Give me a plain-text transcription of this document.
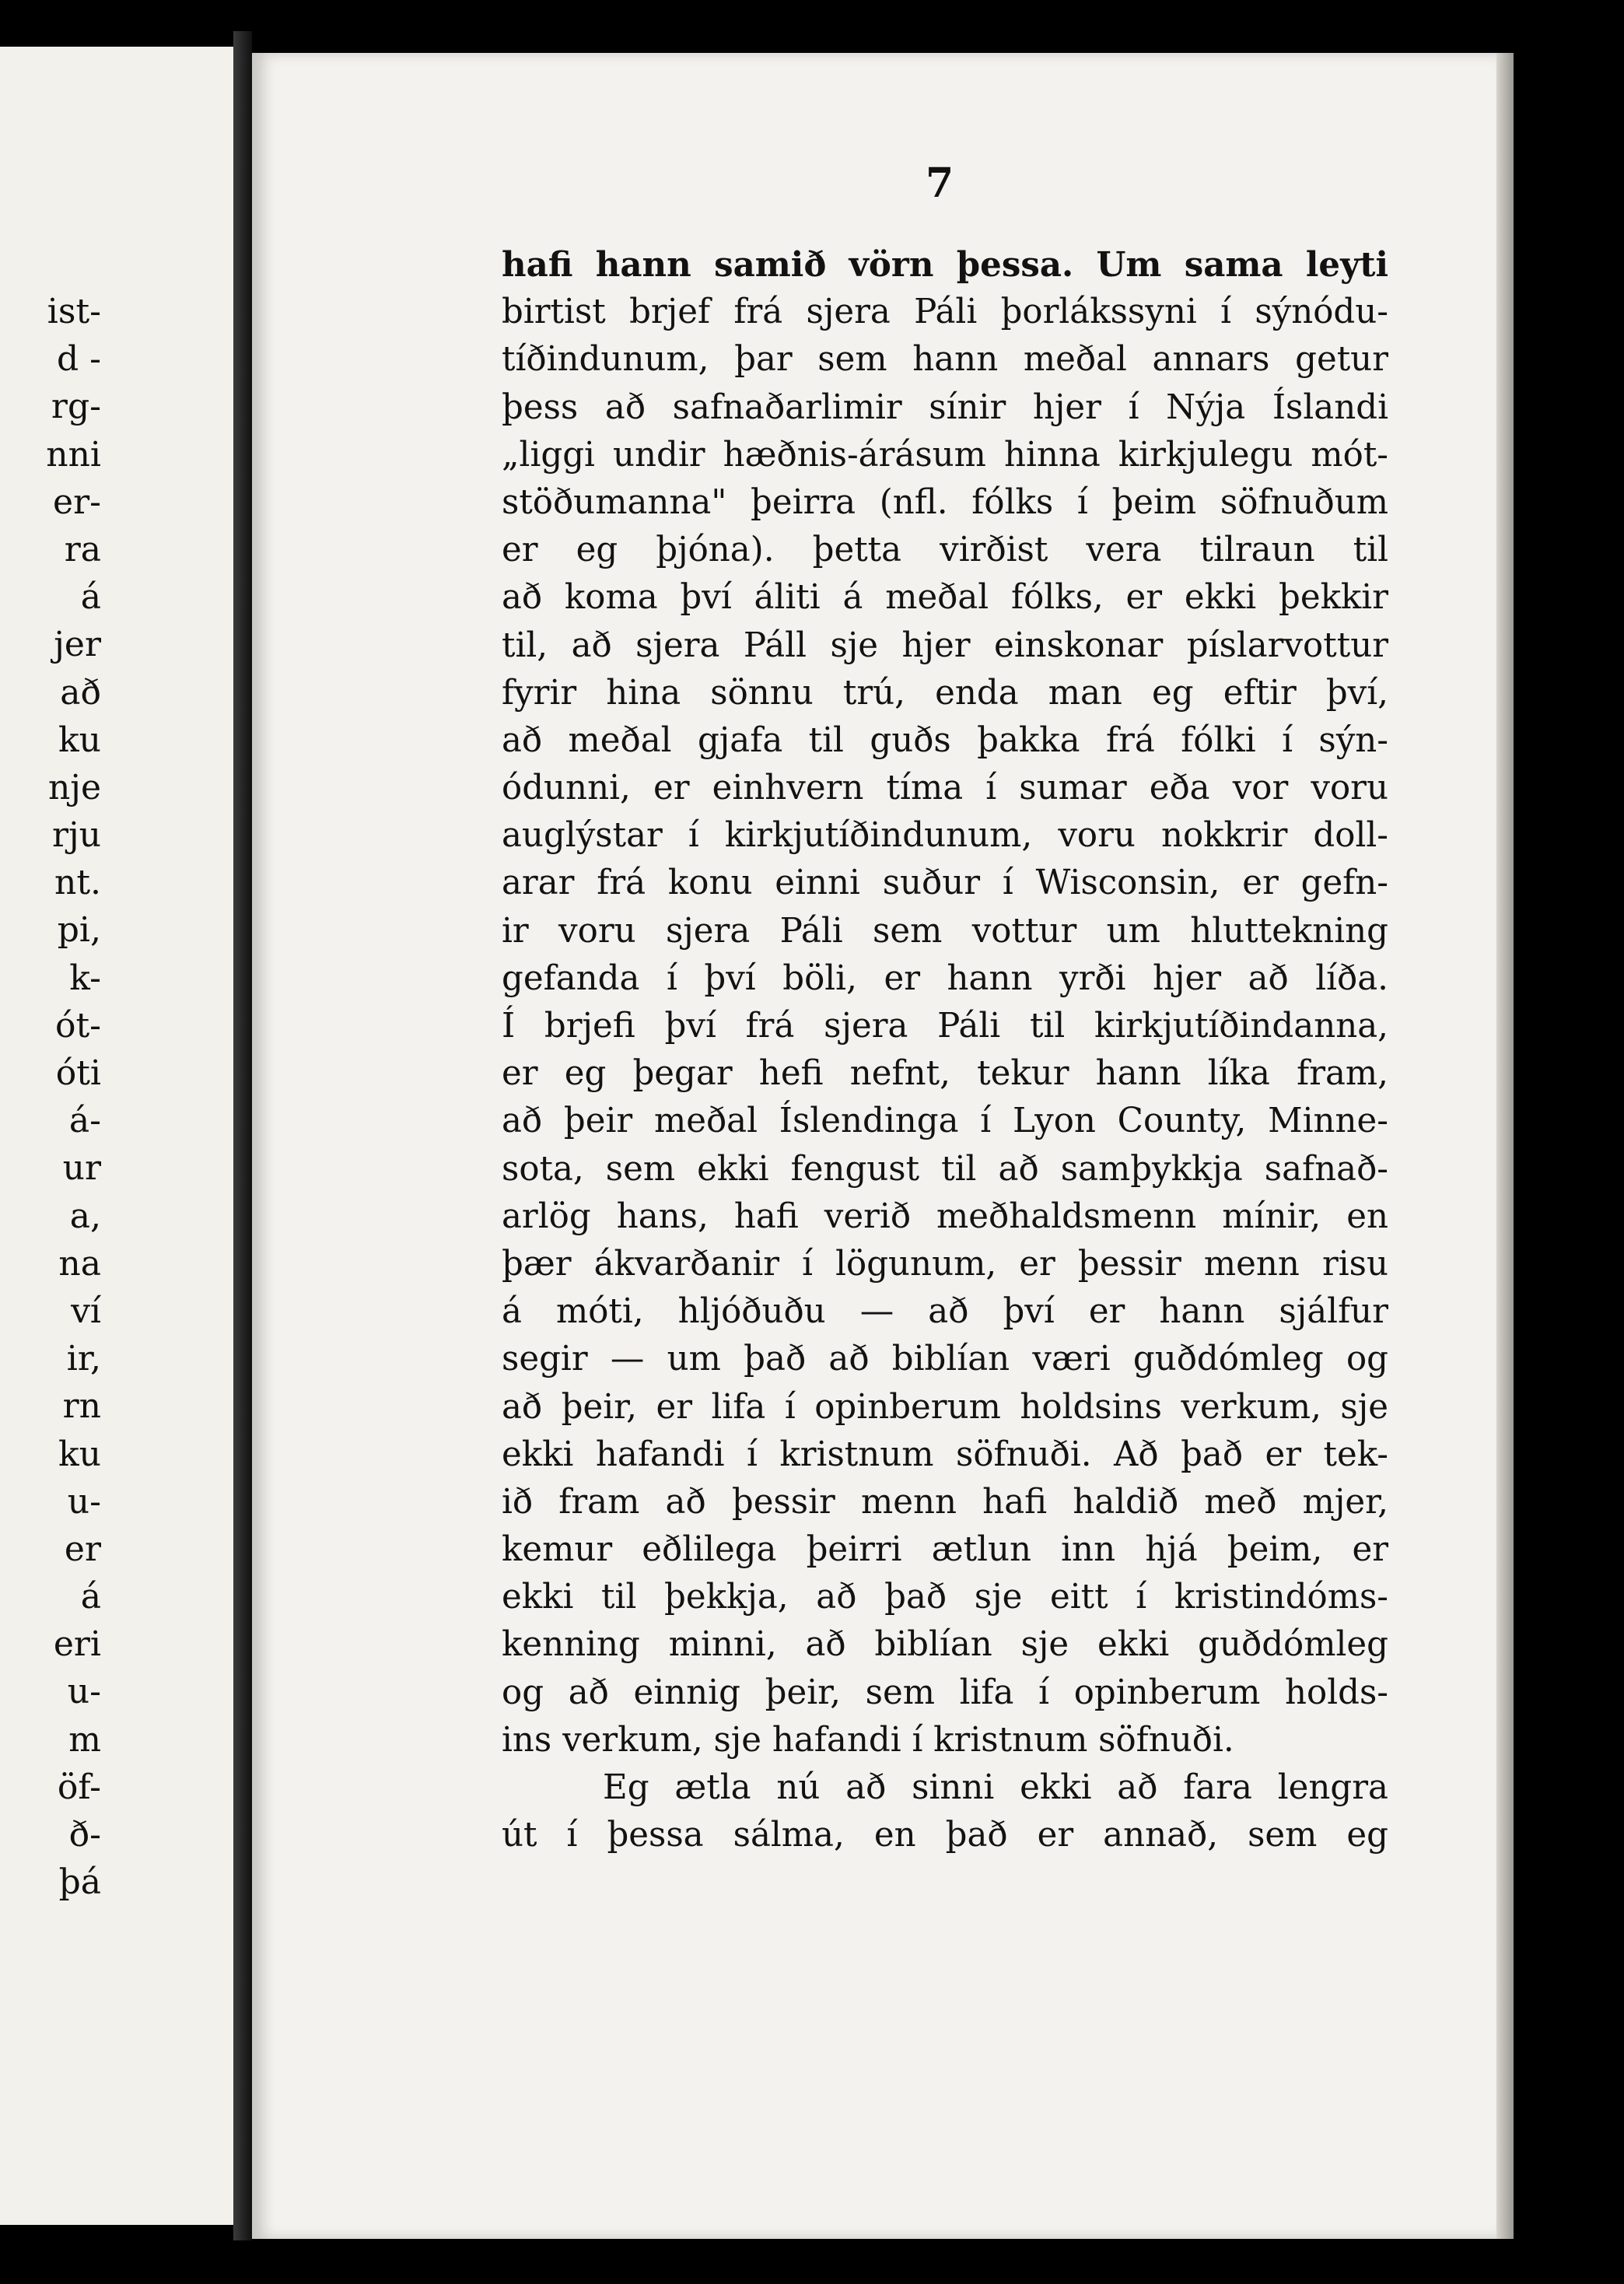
ist-
d -
rg-
nni
er-
ra
á
jer
að
ku
nje
rju
nt.
pi,
k-
ót-
óti
á-
ur
a,
na
ví
ir,
rn
ku
u-
er
á
eri
u-
m
öf-
ð-
þá
7
hafi hann samið vörn þessa. Um sama leyti
birtist brjef frá sjera Páli þorlákssyni í sýnódu-
tíðindunum, þar sem hann meðal annars getur
þess að safnaðarlimir sínir hjer í Nýja Íslandi
„liggi undir hæðnis-árásum hinna kirkjulegu mót-
stöðumanna" þeirra (nfl. fólks í þeim söfnuðum
er eg þjóna). þetta virðist vera tilraun til
að koma því áliti á meðal fólks, er ekki þekkir
til, að sjera Páll sje hjer einskonar píslarvottur
fyrir hina sönnu trú, enda man eg eftir því,
að meðal gjafa til guðs þakka frá fólki í sýn-
ódunni, er einhvern tíma í sumar eða vor voru
auglýstar í kirkjutíðindunum, voru nokkrir doll-
arar frá konu einni suður í Wisconsin, er gefn-
ir voru sjera Páli sem vottur um hluttekning
gefanda í því böli, er hann yrði hjer að líða.
Í brjefi því frá sjera Páli til kirkjutíðindanna,
er eg þegar hefi nefnt, tekur hann líka fram,
að þeir meðal Íslendinga í Lyon County, Minne-
sota, sem ekki fengust til að samþykkja safnað-
arlög hans, hafi verið meðhaldsmenn mínir, en
þær ákvarðanir í lögunum, er þessir menn risu
á móti, hljóðuðu — að því er hann sjálfur
segir — um það að biblían væri guðdómleg og
að þeir, er lifa í opinberum holdsins verkum, sje
ekki hafandi í kristnum söfnuði. Að það er tek-
ið fram að þessir menn hafi haldið með mjer,
kemur eðlilega þeirri ætlun inn hjá þeim, er
ekki til þekkja, að það sje eitt í kristindóms-
kenning minni, að biblían sje ekki guðdómleg
og að einnig þeir, sem lifa í opinberum holds-
ins verkum, sje hafandi í kristnum söfnuði.
Eg ætla nú að sinni ekki að fara lengra
út í þessa sálma, en það er annað, sem eg
